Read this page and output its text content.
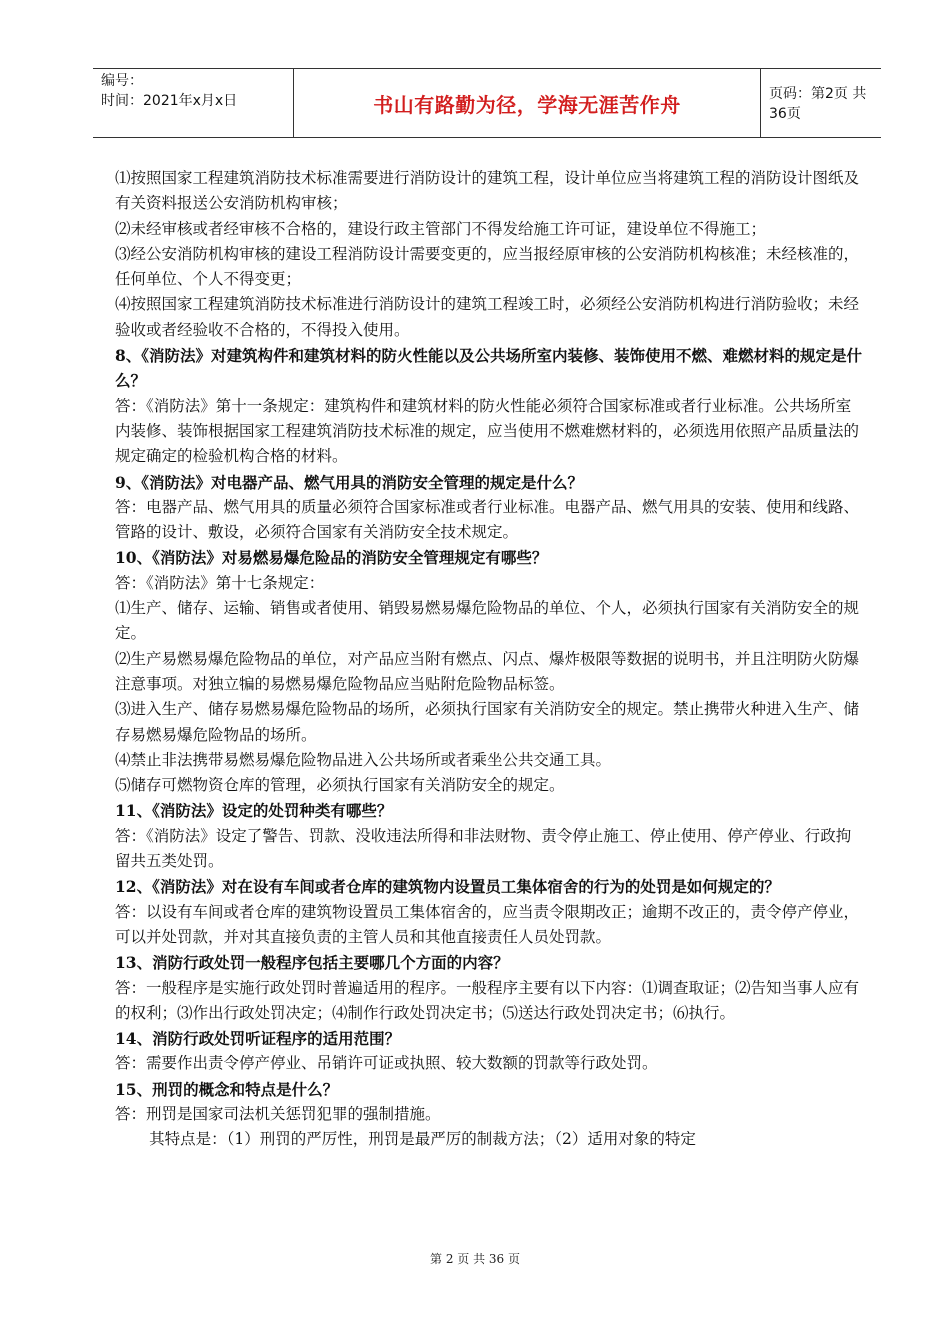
编号：
时间：2021年x月x日	书山有路勤为径，学海无涯苦作舟	页码：第2页 共36页

⑴按照国家工程建筑消防技术标准需要进行消防设计的建筑工程，设计单位应当将建筑工程的消防设计图纸及有关资料报送公安消防机构审核；

⑵未经审核或者经审核不合格的，建设行政主管部门不得发给施工许可证，建设单位不得施工；

⑶经公安消防机构审核的建设工程消防设计需要变更的，应当报经原审核的公安消防机构核准；未经核准的，任何单位、个人不得变更；

⑷按照国家工程建筑消防技术标准进行消防设计的建筑工程竣工时，必须经公安消防机构进行消防验收；未经验收或者经验收不合格的，不得投入使用。

8、《消防法》对建筑构件和建筑材料的防火性能以及公共场所室内装修、装饰使用不燃、难燃材料的规定是什么？

答：《消防法》第十一条规定：建筑构件和建筑材料的防火性能必须符合国家标准或者行业标准。公共场所室内装修、装饰根据国家工程建筑消防技术标准的规定，应当使用不燃难燃材料的，必须选用依照产品质量法的规定确定的检验机构合格的材料。

9、《消防法》对电器产品、燃气用具的消防安全管理的规定是什么？

答：电器产品、燃气用具的质量必须符合国家标准或者行业标准。电器产品、燃气用具的安装、使用和线路、管路的设计、敷设，必须符合国家有关消防安全技术规定。

10、《消防法》对易燃易爆危险品的消防安全管理规定有哪些？

答：《消防法》第十七条规定：

⑴生产、储存、运输、销售或者使用、销毁易燃易爆危险物品的单位、个人，必须执行国家有关消防安全的规定。

⑵生产易燃易爆危险物品的单位，对产品应当附有燃点、闪点、爆炸极限等数据的说明书，并且注明防火防爆注意事项。对独立犏的易燃易爆危险物品应当贴附危险物品标签。

⑶进入生产、储存易燃易爆危险物品的场所，必须执行国家有关消防安全的规定。禁止携带火种进入生产、储存易燃易爆危险物品的场所。

⑷禁止非法携带易燃易爆危险物品进入公共场所或者乘坐公共交通工具。

⑸储存可燃物资仓库的管理，必须执行国家有关消防安全的规定。

11、《消防法》设定的处罚种类有哪些？

答：《消防法》设定了警告、罚款、没收违法所得和非法财物、责令停止施工、停止使用、停产停业、行政拘留共五类处罚。

12、《消防法》对在设有车间或者仓库的建筑物内设置员工集体宿舍的行为的处罚是如何规定的？

答：以设有车间或者仓库的建筑物设置员工集体宿舍的，应当责令限期改正；逾期不改正的，责令停产停业，可以并处罚款，并对其直接负责的主管人员和其他直接责任人员处罚款。

13、消防行政处罚一般程序包括主要哪几个方面的内容？

答：一般程序是实施行政处罚时普遍适用的程序。一般程序主要有以下内容：⑴调查取证；⑵告知当事人应有的权利；⑶作出行政处罚决定；⑷制作行政处罚决定书；⑸送达行政处罚决定书；⑹执行。

14、消防行政处罚听证程序的适用范围？

答：需要作出责令停产停业、吊销许可证或执照、较大数额的罚款等行政处罚。

15、刑罚的概念和特点是什么？

答：刑罚是国家司法机关惩罚犯罪的强制措施。

其特点是：（1）刑罚的严厉性，刑罚是最严厉的制裁方法；（2）适用对象的特定

第 2 页 共 36 页
